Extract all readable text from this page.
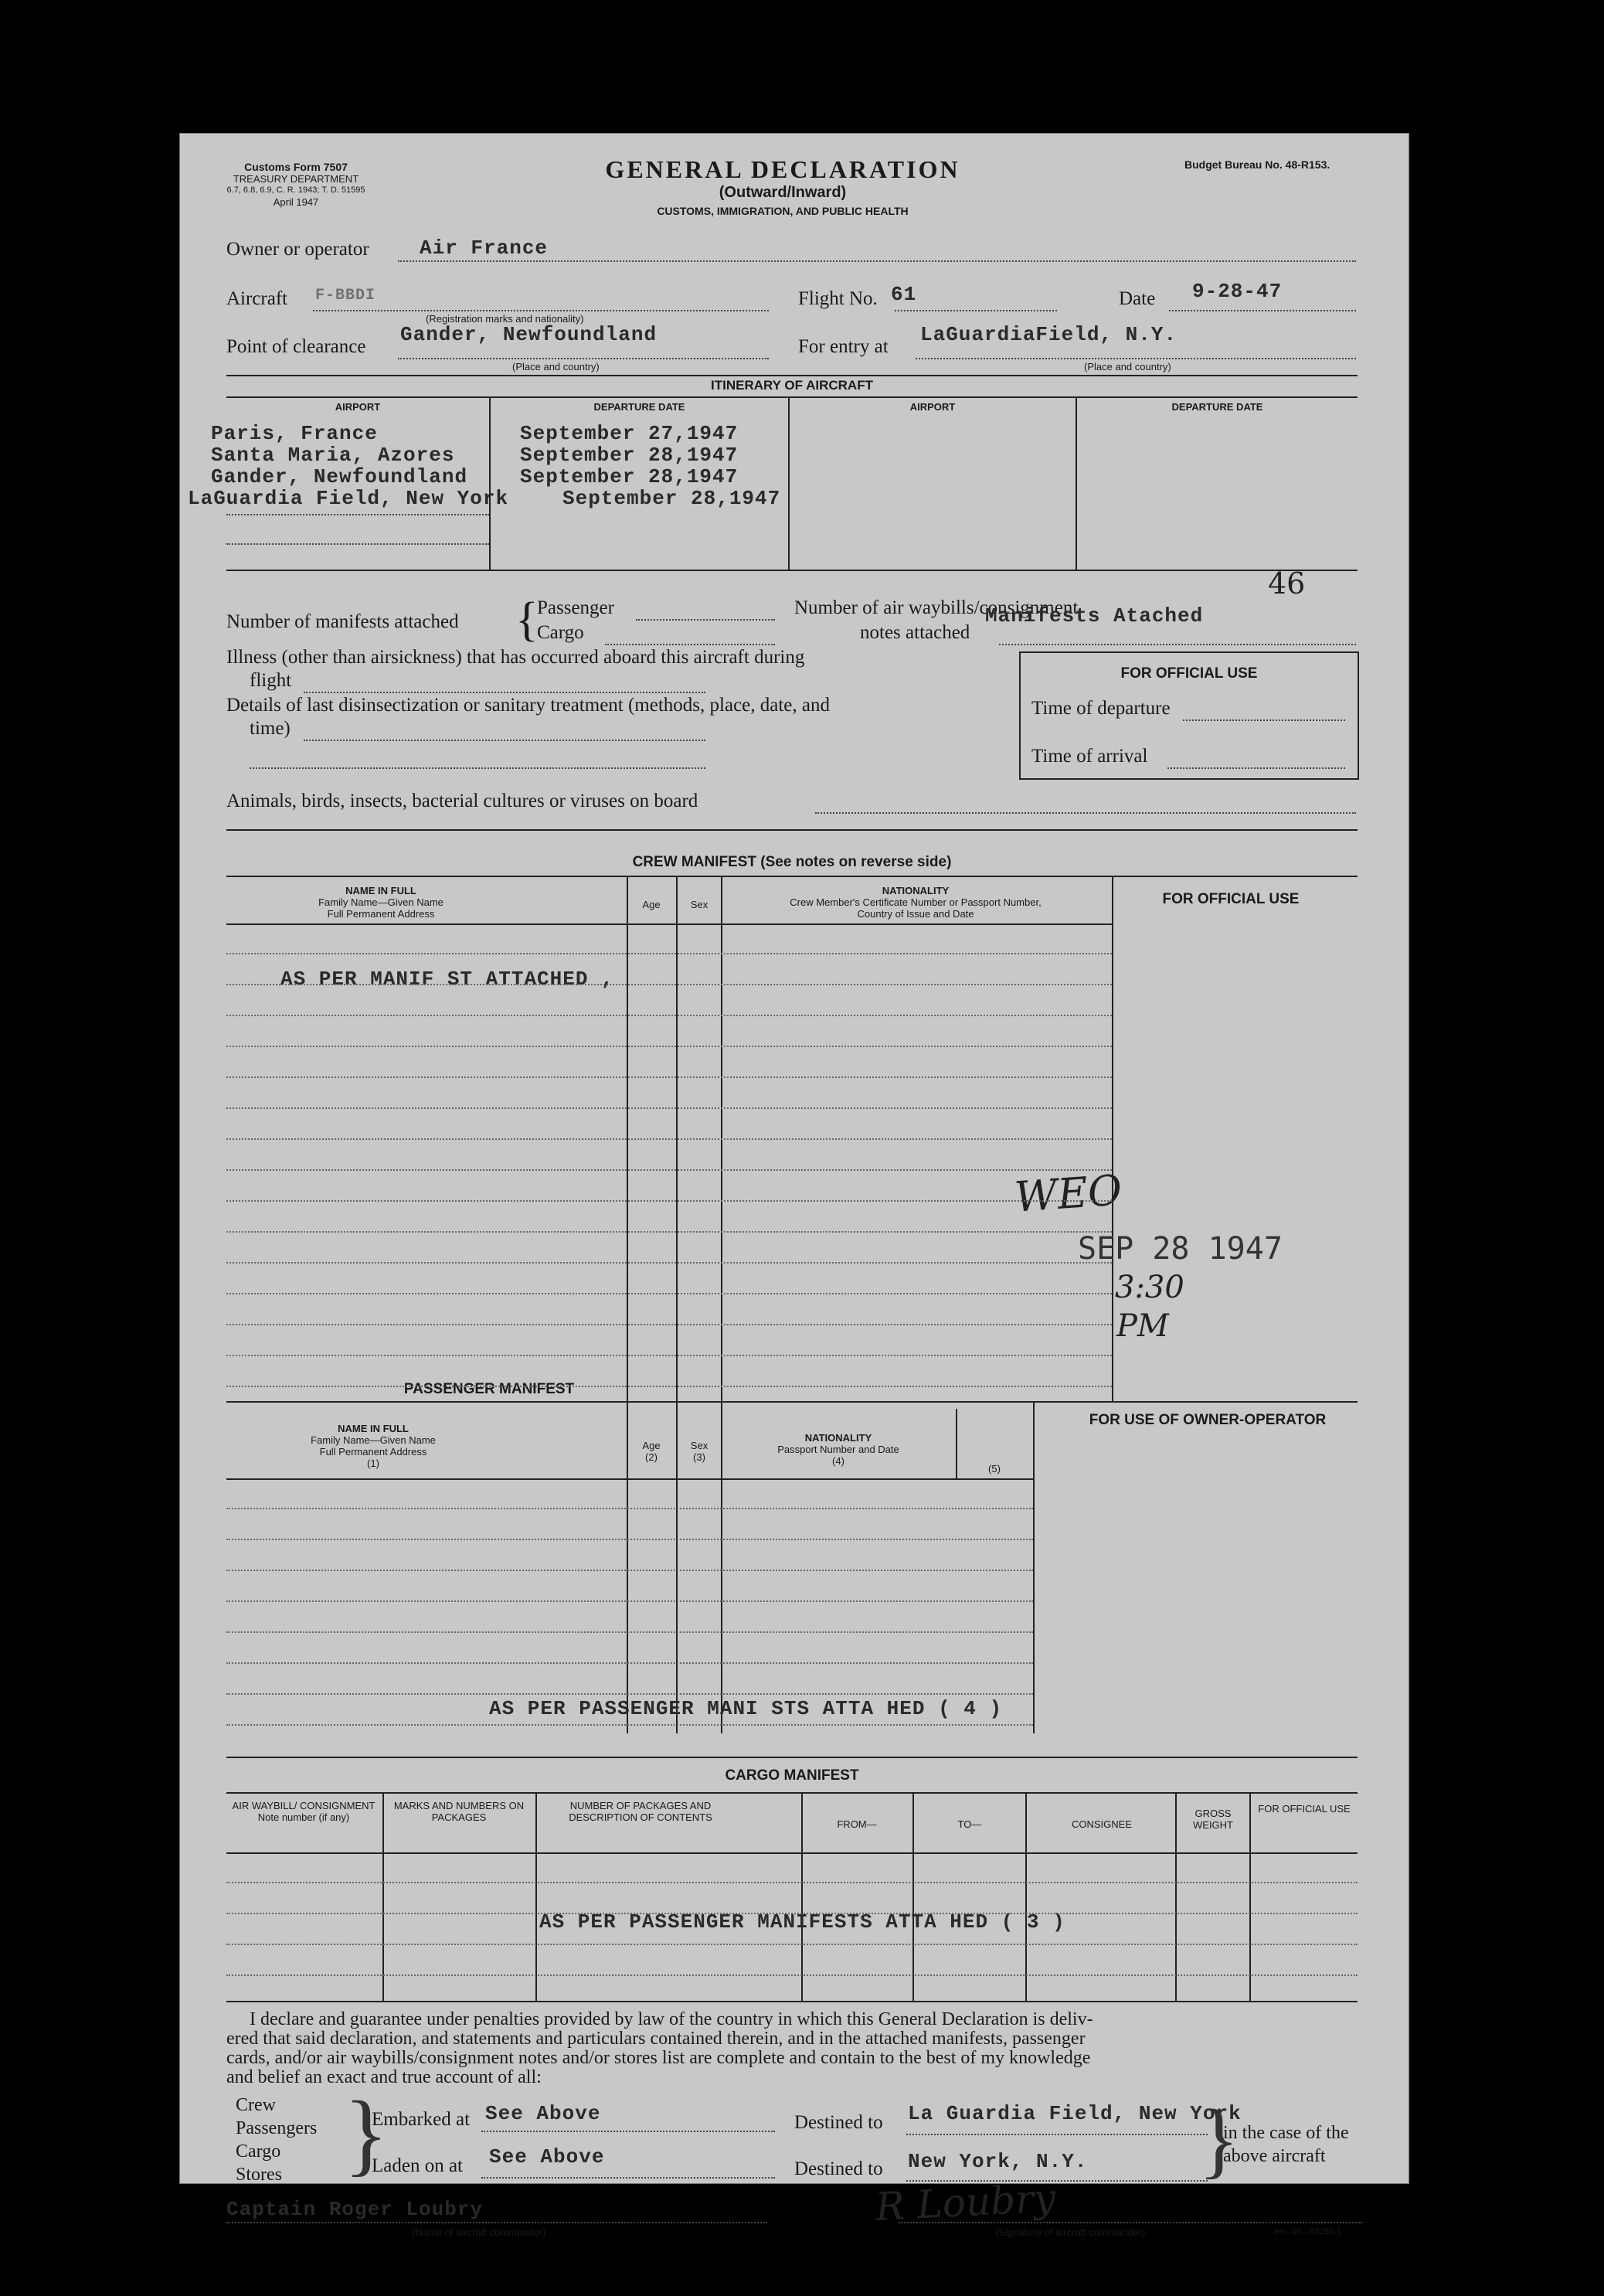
Customs Form 7507
TREASURY DEPARTMENT
6.7, 6.8, 6.9, C. R. 1943; T. D. 51595
April 1947
GENERAL DECLARATION
(Outward/Inward)
CUSTOMS, IMMIGRATION, AND PUBLIC HEALTH
Budget Bureau No. 48-R153.
Owner or operator	Air France
Aircraft F-BBDI
(Registration marks and nationality)
Flight No. 61	Date 9-28-47
Point of clearance
Gander, Newfoundland
(Place and country)
For entry at
LaGuardiaField, N.Y.
(Place and country)
ITINERARY OF AIRCRAFT
AIRPORT	DEPARTURE DATE	AIRPORT	DEPARTURE DATE
Paris, France	September 27,1947
Santa Maria, Azores	September 28,1947
Gander, Newfoundland	September 28,1947
LaGuardia Field, New York	September 28,1947
Number of manifests attached {
Passenger
Cargo
Number of air waybills/consignment
notes attached
Manifests Atached
46
Illness (other than airsickness) that has occurred aboard this aircraft during
flight
Details of last disinsectization or sanitary treatment (methods, place, date, and
time)
Animals, birds, insects, bacterial cultures or viruses on board
FOR OFFICIAL USE
Time of departure
Time of arrival
CREW MANIFEST (See notes on reverse side)
NAME IN FULL
Family Name—Given Name
Full Permanent Address
Age	Sex
NATIONALITY
Crew Member's Certificate Number or Passport Number,
Country of Issue and Date
FOR OFFICIAL USE
AS PER MANIF ST ATTACHED ,
WEO
SEP 28 1947
3:30
PM
PASSENGER MANIFEST
NAME IN FULL
Family Name—Given Name
Full Permanent Address
(1)
Age
(2)
Sex
(3)
NATIONALITY
Passport Number and Date
(4)
(5)
FOR USE OF OWNER-OPERATOR
AS PER PASSENGER MANI STS ATTA HED ( 4 )
CARGO MANIFEST
AIR WAYBILL/ CONSIGNMENT Note number (if any)
MARKS AND NUMBERS ON PACKAGES
NUMBER OF PACKAGES AND DESCRIPTION OF CONTENTS
FROM—	TO—	CONSIGNEE
GROSS WEIGHT
FOR OFFICIAL USE
AS PER PASSENGER MANIFESTS ATTA HED ( 3 )
I declare and guarantee under penalties provided by law of the country in which this General Declaration is deliv-
ered that said declaration, and statements and particulars contained therein, and in the attached manifests, passenger
cards, and/or air waybills/consignment notes and/or stores list are complete and contain to the best of my knowledge
and belief an exact and true account of all:
Crew
Passengers
Cargo
Stores }
Embarked at See Above
Laden on at See Above
Destined to La Guardia Field, New York
Destined to New York, N.Y. }
in the case of the
above aircraft
Captain Roger Loubry
(Name of aircraft commander)
R Loubry
(Signature of aircraft commander)	ee—16—52255-1
